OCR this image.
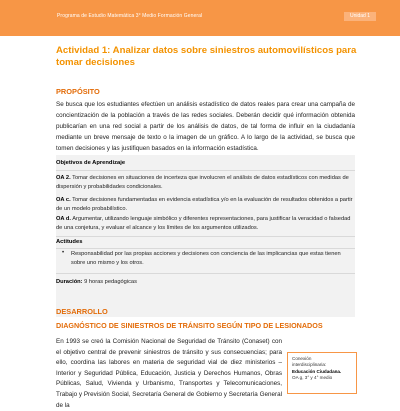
Programa de Estudio Matemática 3° Medio Formación General	Unidad 1
Actividad 1: Analizar datos sobre siniestros automovilísticos para tomar decisiones
PROPÓSITO

Se busca que los estudiantes efectúen un análisis estadístico de datos reales para crear una campaña de concientización de la población a través de las redes sociales. Deberán decidir qué información obtenida publicarían en una red social a partir de los análisis de datos, de tal forma de influir en la ciudadanía mediante un breve mensaje de texto o la imagen de un gráfico. A lo largo de la actividad, se busca que tomen decisiones y las justifiquen basados en la información estadística.

Objetivos de Aprendizaje

OA 2. Tomar decisiones en situaciones de incerteza que involucren el análisis de datos estadísticos con medidas de dispersión y probabilidades condicionales.

OA c. Tomar decisiones fundamentadas en evidencia estadística y/o en la evaluación de resultados obtenidos a partir de un modelo probabilístico.

OA d. Argumentar, utilizando lenguaje simbólico y diferentes representaciones, para justificar la veracidad o falsedad de una conjetura, y evaluar el alcance y los límites de los argumentos utilizados.

Actitudes
• Responsabilidad por las propias acciones y decisiones con conciencia de las implicancias que estas tienen sobre uno mismo y los otros.

Duración: 9 horas pedagógicas
DESARROLLO
DIAGNÓSTICO DE SINIESTROS DE TRÁNSITO SEGÚN TIPO DE LESIONADOS

En 1993 se creó la Comisión Nacional de Seguridad de Tránsito (Conaset) con el objetivo central de prevenir siniestros de tránsito y sus consecuencias; para ello, coordina las labores en materia de seguridad vial de diez ministerios –Interior y Seguridad Pública, Educación, Justicia y Derechos Humanos, Obras Públicas, Salud, Vivienda y Urbanismo, Transportes y Telecomunicaciones, Trabajo y Previsión Social, Secretaría General de Gobierno y Secretaría General de la

Conexión
interdisciplinaria:
Educación Ciudadana.
OA g, 3° y 4° medio
